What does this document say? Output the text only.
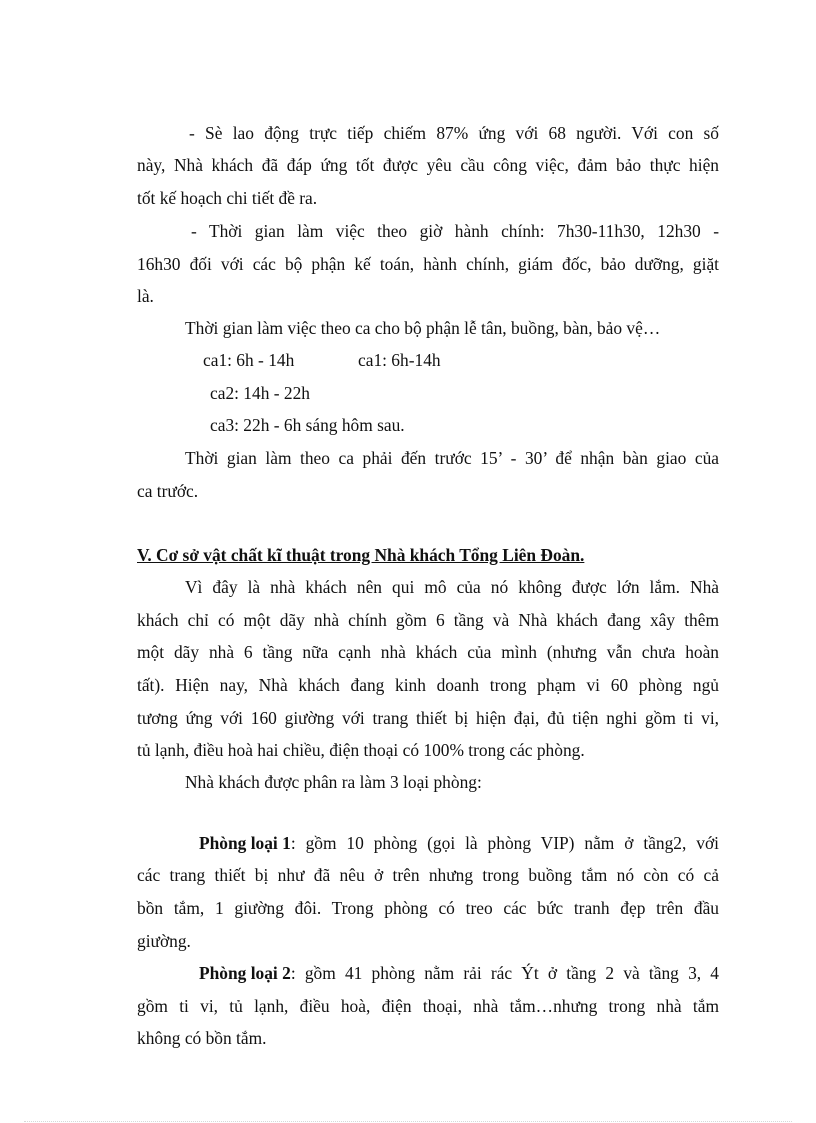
- Sè lao động trực tiếp chiếm 87% ứng với 68 người. Với con số
này, Nhà khách đã đáp ứng tốt được yêu cầu công việc, đảm bảo thực hiện
tốt kế hoạch chi tiết đề ra.
- Thời gian làm việc theo giờ hành chính: 7h30-11h30, 12h30 -
16h30 đối với các bộ phận kế toán, hành chính, giám đốc, bảo dưỡng, giặt
là.
Thời gian làm việc theo ca cho bộ phận lễ tân, buồng, bàn, bảo vệ…
ca1: 6h - 14h	ca1: 6h-14h
ca2: 14h - 22h
ca3: 22h - 6h sáng hôm sau.
Thời gian làm theo ca phải đến trước 15’ - 30’ để nhận bàn giao của
ca trước.
V. Cơ sở vật chất kĩ thuật trong Nhà khách Tổng Liên Đoàn.
Vì đây là nhà khách nên qui mô của nó không được lớn lắm. Nhà
khách chỉ có một dãy nhà chính gồm 6 tầng và Nhà khách đang xây thêm
một dãy nhà 6 tầng nữa cạnh nhà khách của mình (nhưng vẫn chưa hoàn
tất). Hiện nay, Nhà khách đang kinh doanh trong phạm vi 60 phòng ngủ
tương ứng với 160 giường với trang thiết bị hiện đại, đủ tiện nghi gồm ti vi,
tủ lạnh, điều hoà hai chiều, điện thoại có 100% trong các phòng.
Nhà khách được phân ra làm 3 loại phòng:
Phòng loại 1 : gồm 10 phòng (gọi là phòng VIP) nằm ở tầng2, với
các trang thiết bị như đã nêu ở trên nhưng trong buồng tắm nó còn có cả
bồn tắm, 1 giường đôi. Trong phòng có treo các bức tranh đẹp trên đầu
giường.
Phòng loại 2 : gồm 41 phòng nằm rải rác Ýt ở tầng 2 và tầng 3, 4
gồm ti vi, tủ lạnh, điều hoà, điện thoại, nhà tắm…nhưng trong nhà tắm
không có bồn tắm.
